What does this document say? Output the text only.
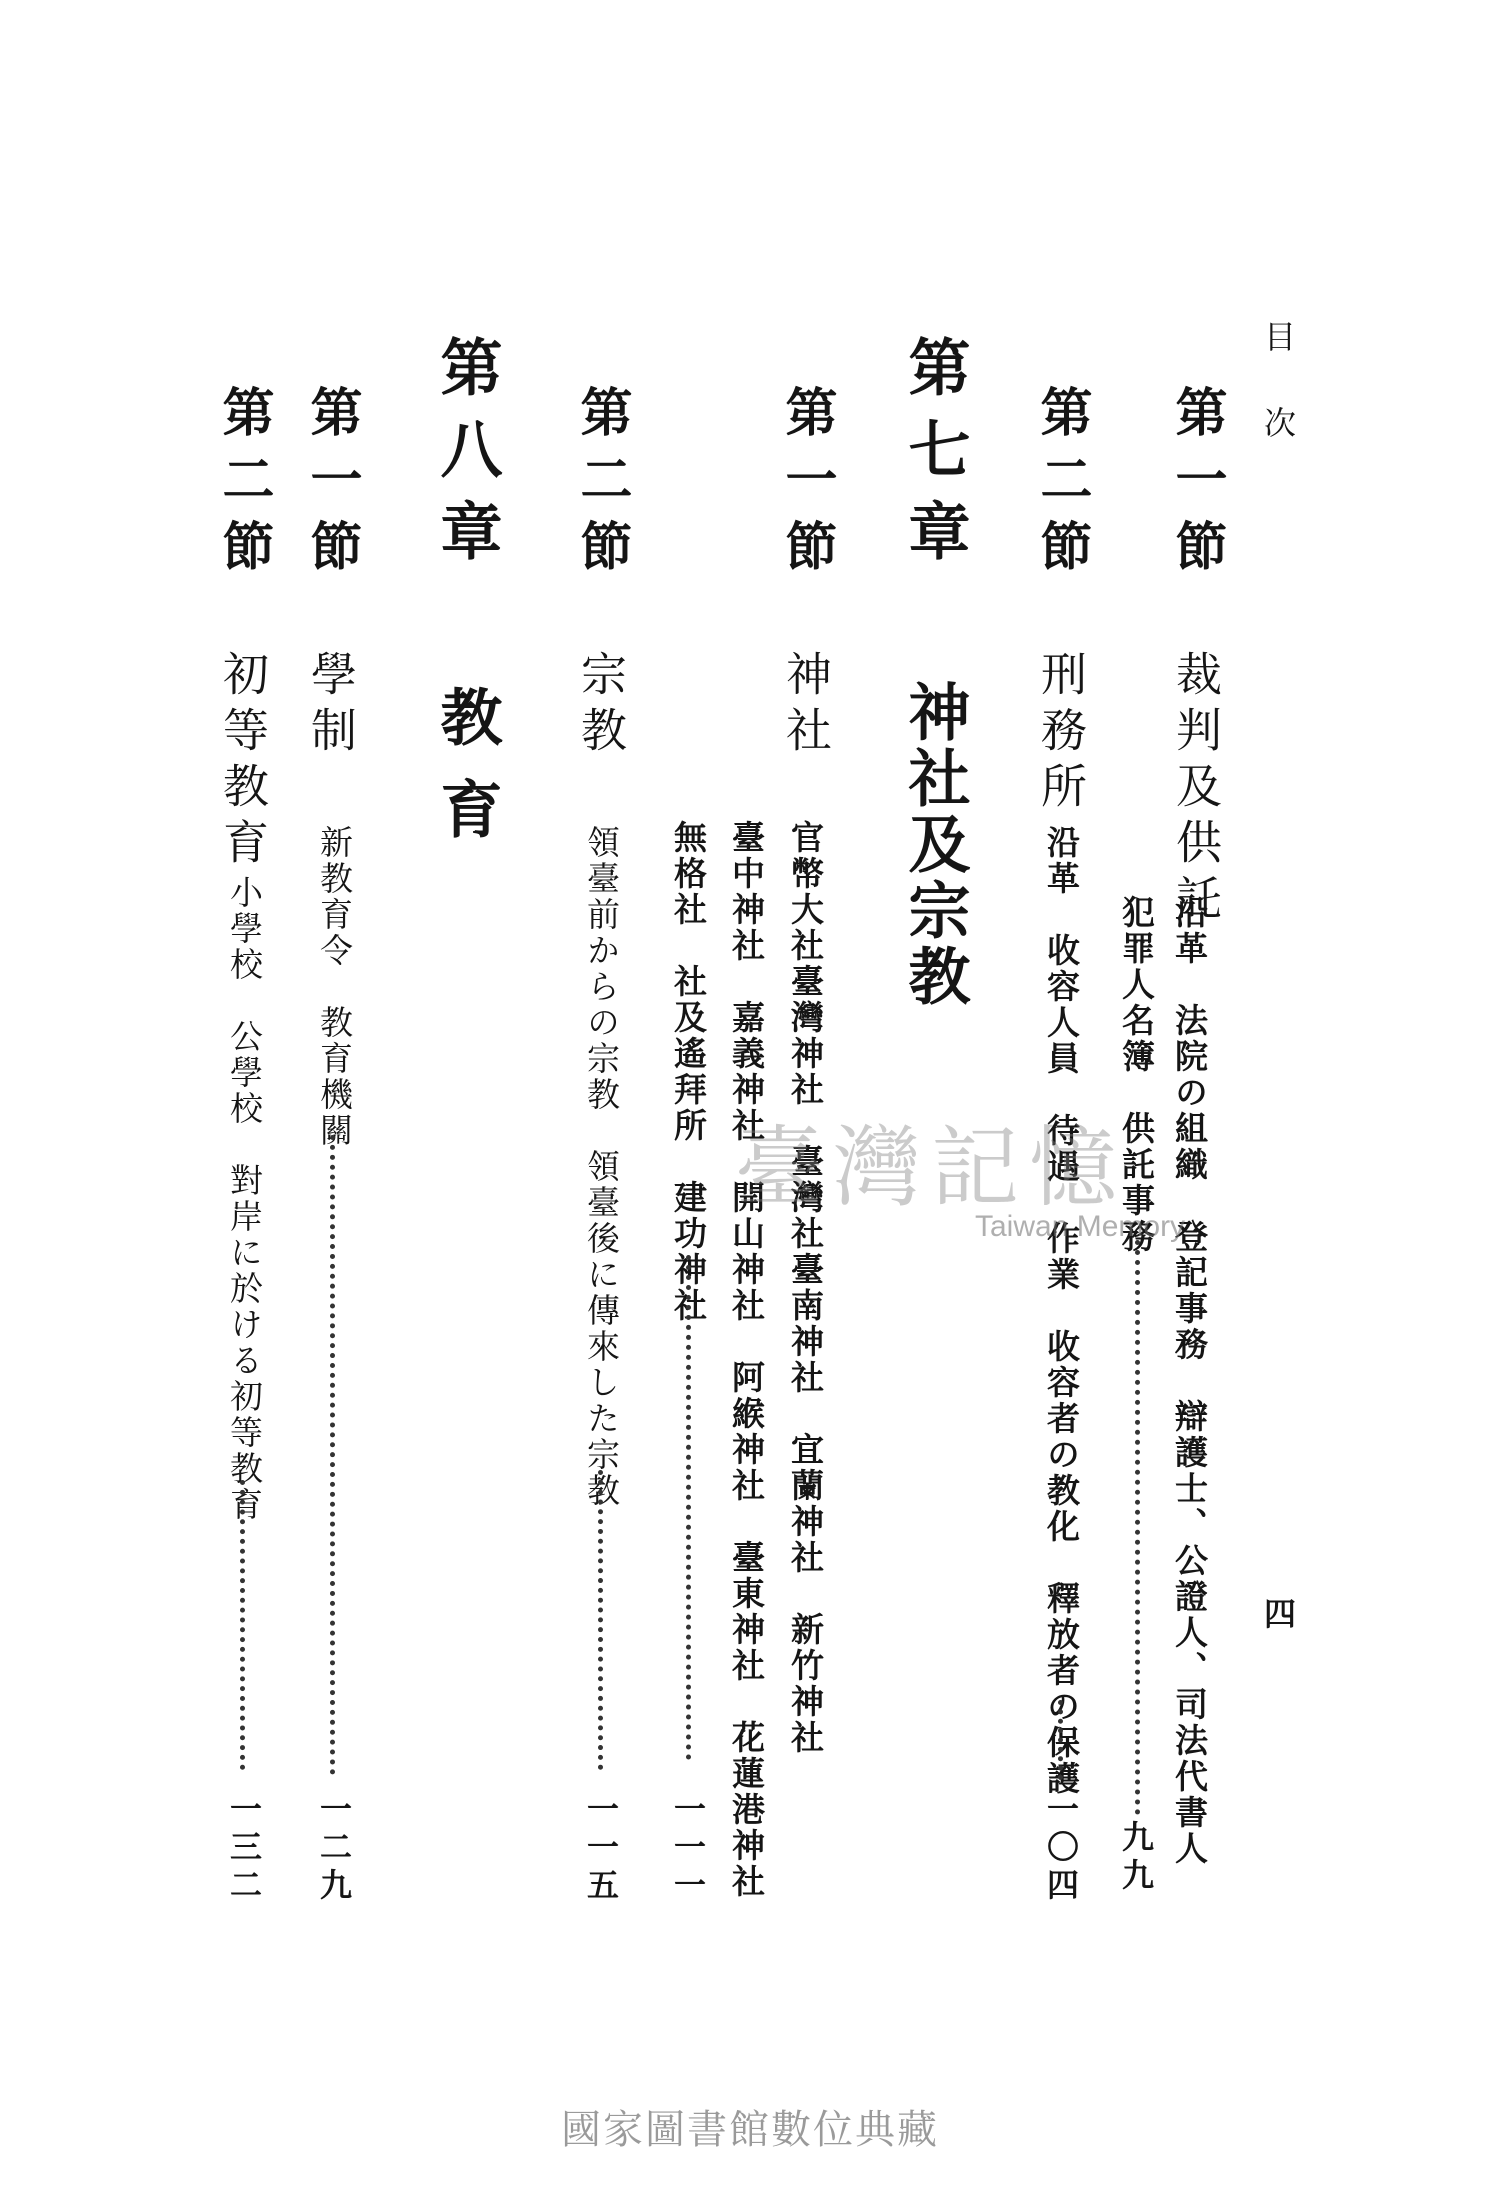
目次
四
第一節
裁判及供託
沿革　法院の組織　登記事務　辯護士、公證人、司法代書人
犯罪人名簿　供託事務
九九
第二節
刑務所
沿革　收容人員　待遇　作業　收容者の教化　釋放者の保護
一〇四
第七章
神社及宗教
第一節
神社
官幣大社臺灣神社　臺灣社臺南神社　宜蘭神社　新竹神社
臺中神社　嘉義神社　開山神社　阿緱神社　臺東神社　花蓮港神社
無格社　社及遙拜所　建功神社
一一一
第二節
宗教
領臺前からの宗教　領臺後に傳來した宗教
一一五
第八章
教育
第一節
學制
新教育令　教育機關
一二九
第二節
初等教育
小學校　公學校　對岸に於ける初等教育
一三二
臺灣記憶
Taiwan Memory
國家圖書館數位典藏
